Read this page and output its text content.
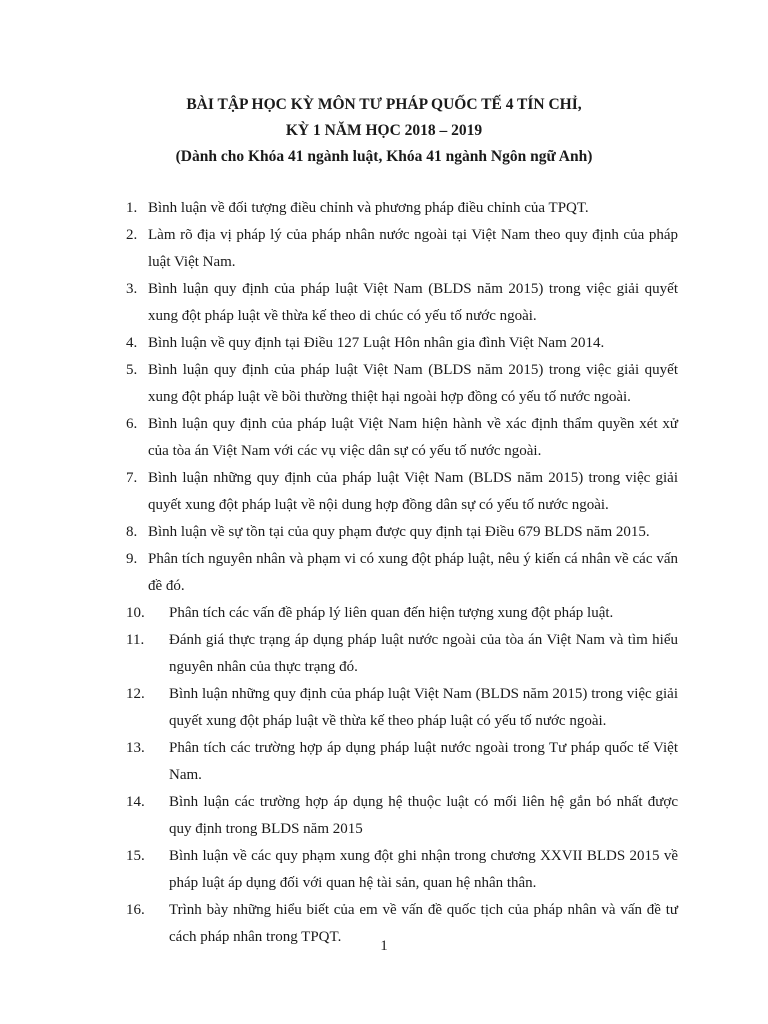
BÀI TẬP HỌC KỲ MÔN TƯ PHÁP QUỐC TẾ 4 TÍN CHỈ,
KỲ 1 NĂM HỌC 2018 – 2019
(Dành cho Khóa 41 ngành luật, Khóa 41 ngành Ngôn ngữ Anh)
1. Bình luận về đối tượng điều chỉnh và phương pháp điều chỉnh của TPQT.
2. Làm rõ địa vị pháp lý của pháp nhân nước ngoài tại Việt Nam theo quy định của pháp luật Việt Nam.
3. Bình luận quy định của pháp luật Việt Nam (BLDS năm 2015) trong việc giải quyết xung đột pháp luật về thừa kế theo di chúc có yếu tố nước ngoài.
4. Bình luận về quy định tại Điều 127 Luật Hôn nhân gia đình Việt Nam 2014.
5. Bình luận quy định của pháp luật Việt Nam (BLDS năm 2015) trong việc giải quyết xung đột pháp luật về bồi thường thiệt hại ngoài hợp đồng có yếu tố nước ngoài.
6. Bình luận quy định của pháp luật Việt Nam hiện hành về xác định thẩm quyền xét xử của tòa án Việt Nam với các vụ việc dân sự có yếu tố nước ngoài.
7. Bình luận những quy định của pháp luật Việt Nam (BLDS năm 2015) trong việc giải quyết xung đột pháp luật về nội dung hợp đồng dân sự có yếu tố nước ngoài.
8. Bình luận về sự tồn tại của quy phạm được quy định tại Điều 679 BLDS năm 2015.
9. Phân tích nguyên nhân và phạm vi có xung đột pháp luật, nêu ý kiến cá nhân về các vấn đề đó.
10. Phân tích các vấn đề pháp lý liên quan đến hiện tượng xung đột pháp luật.
11. Đánh giá thực trạng áp dụng pháp luật nước ngoài của tòa án Việt Nam và tìm hiểu nguyên nhân của thực trạng đó.
12. Bình luận những quy định của pháp luật Việt Nam (BLDS năm 2015) trong việc giải quyết xung đột pháp luật về thừa kế theo pháp luật có yếu tố nước ngoài.
13. Phân tích các trường hợp áp dụng pháp luật nước ngoài trong Tư pháp quốc tế Việt Nam.
14. Bình luận các trường hợp áp dụng hệ thuộc luật có mối liên hệ gắn bó nhất được quy định trong BLDS năm 2015
15. Bình luận về các quy phạm xung đột ghi nhận trong chương XXVII BLDS 2015 về pháp luật áp dụng đối với quan hệ tài sản, quan hệ nhân thân.
16. Trình bày những hiểu biết của em về vấn đề quốc tịch của pháp nhân và vấn đề tư cách pháp nhân trong TPQT.
1
